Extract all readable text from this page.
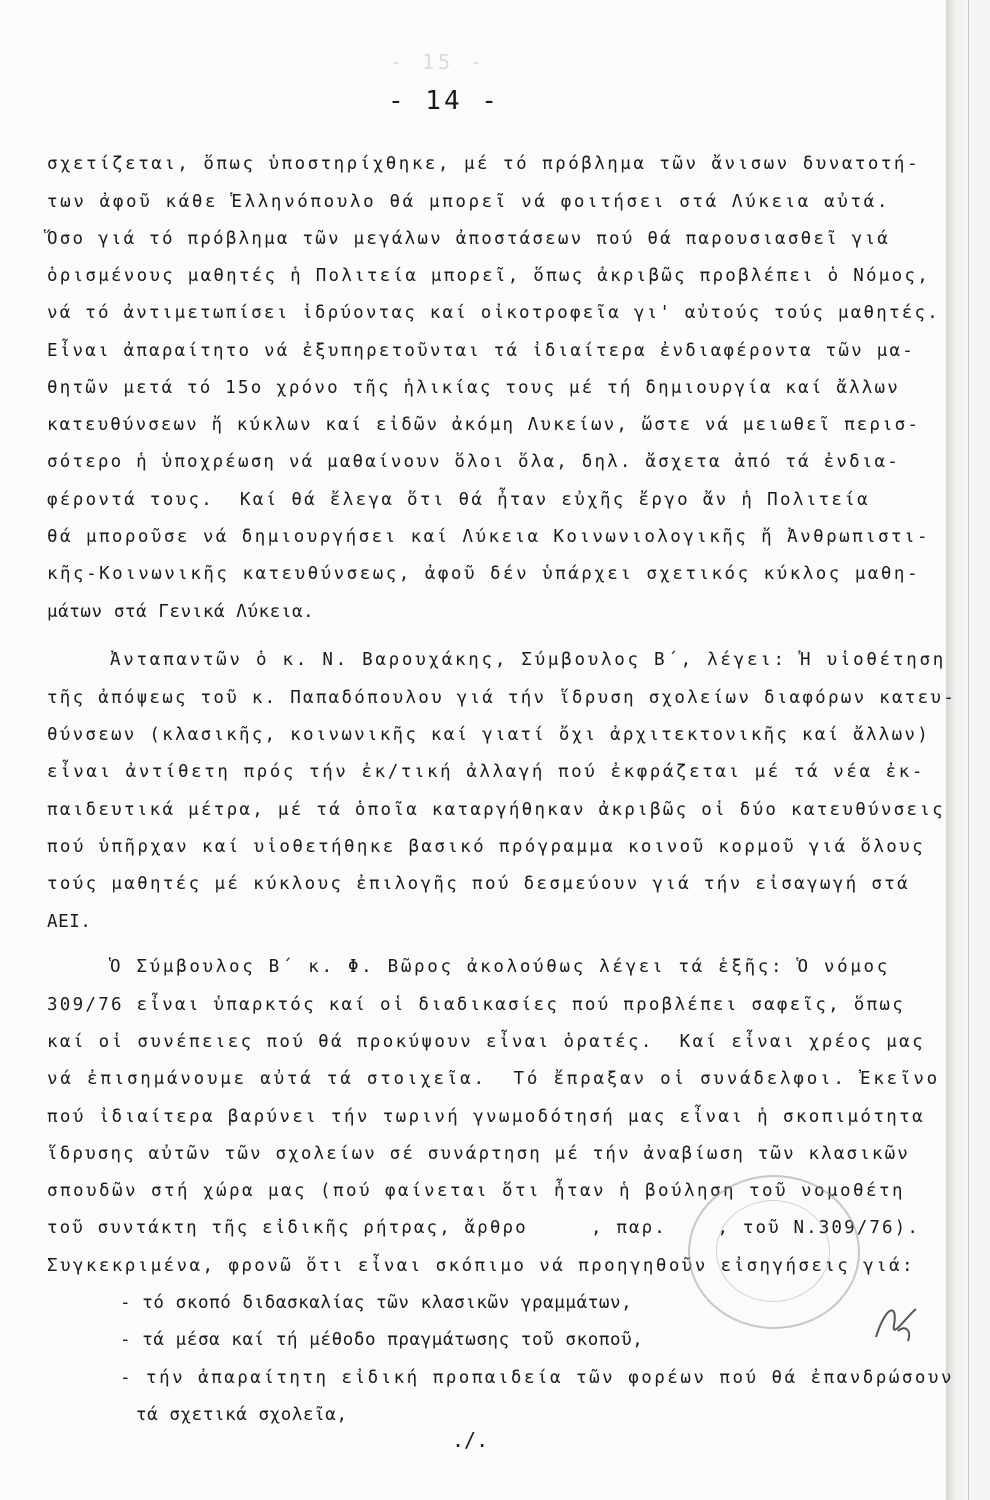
- 15 -
- 14 -
σχετίζεται, ὅπως ὑποστηρίχθηκε, μέ τό πρόβλημα τῶν ἄνισων δυνατοτή-
των ἀφοῦ κάθε Ἑλληνόπουλο θά μπορεῖ νά φοιτήσει στά Λύκεια αὐτά.
Ὅσο γιά τό πρόβλημα τῶν μεγάλων ἀποστάσεων πού θά παρουσιασθεῖ γιά
ὁρισμένους μαθητές ἡ Πολιτεία μπορεῖ, ὅπως ἀκριβῶς προβλέπει ὁ Νόμος,
νά τό ἀντιμετωπίσει ἱδρύοντας καί οἰκοτροφεῖα γι' αὐτούς τούς μαθητές.
Εἶναι ἀπαραίτητο νά ἐξυπηρετοῦνται τά ἰδιαίτερα ἐνδιαφέροντα τῶν μα-
θητῶν μετά τό 15ο χρόνο τῆς ἡλικίας τους μέ τή δημιουργία καί ἄλλων
κατευθύνσεων ἤ κύκλων καί εἰδῶν ἀκόμη Λυκείων, ὥστε νά μειωθεῖ περισ-
σότερο ἡ ὑποχρέωση νά μαθαίνουν ὅλοι ὅλα, δηλ. ἄσχετα ἀπό τά ἐνδια-
φέροντά τους.  Καί θά ἔλεγα ὅτι θά ἦταν εὐχῆς ἔργο ἄν ἡ Πολιτεία
θά μποροῦσε νά δημιουργήσει καί Λύκεια Κοινωνιολογικῆς ἤ Ἀνθρωπιστι-
κῆς-Κοινωνικῆς κατευθύνσεως, ἀφοῦ δέν ὑπάρχει σχετικός κύκλος μαθη-
μάτων στά Γενικά Λύκεια.
Ἀνταπαντῶν ὁ κ. Ν. Βαρουχάκης, Σύμβουλος Β΄, λέγει: Ἡ υἱοθέτηση
τῆς ἀπόψεως τοῦ κ. Παπαδόπουλου γιά τήν ἵδρυση σχολείων διαφόρων κατευ-
θύνσεων (κλασικῆς, κοινωνικῆς καί γιατί ὄχι ἀρχιτεκτονικῆς καί ἄλλων)
εἶναι ἀντίθετη πρός τήν ἐκ/τική ἀλλαγή πού ἐκφράζεται μέ τά νέα ἐκ-
παιδευτικά μέτρα, μέ τά ὁποῖα καταργήθηκαν ἀκριβῶς οἱ δύο κατευθύνσεις
πού ὑπῆρχαν καί υἱοθετήθηκε βασικό πρόγραμμα κοινοῦ κορμοῦ γιά ὅλους
τούς μαθητές μέ κύκλους ἐπιλογῆς πού δεσμεύουν γιά τήν εἰσαγωγή στά
ΑΕΙ.
Ὁ Σύμβουλος Β΄ κ. Φ. Βῶρος ἀκολούθως λέγει τά ἑξῆς: Ὁ νόμος
309/76 εἶναι ὑπαρκτός καί οἱ διαδικασίες πού προβλέπει σαφεῖς, ὅπως
καί οἱ συνέπειες πού θά προκύψουν εἶναι ὁρατές.  Καί εἶναι χρέος μας
νά ἐπισημάνουμε αὐτά τά στοιχεῖα.  Τό ἔπραξαν οἱ συνάδελφοι. Ἐκεῖνο
πού ἰδιαίτερα βαρύνει τήν τωρινή γνωμοδότησή μας εἶναι ἡ σκοπιμότητα
ἵδρυσης αὐτῶν τῶν σχολείων σέ συνάρτηση μέ τήν ἀναβίωση τῶν κλασικῶν
σπουδῶν στή χώρα μας (πού φαίνεται ὅτι ἦταν ἡ βούληση τοῦ νομοθέτη
τοῦ συντάκτη τῆς εἰδικῆς ρήτρας, ἄρθρο     , παρ.    , τοῦ Ν.309/76).
Συγκεκριμένα, φρονῶ ὅτι εἶναι σκόπιμο νά προηγηθοῦν εἰσηγήσεις γιά:
- τό σκοπό διδασκαλίας τῶν κλασικῶν γραμμάτων,
- τά μέσα καί τή μέθοδο πραγμάτωσης τοῦ σκοποῦ,
- τήν ἀπαραίτητη εἰδική προπαιδεία τῶν φορέων πού θά ἐπανδρώσουν
τά σχετικά σχολεῖα,
./.
